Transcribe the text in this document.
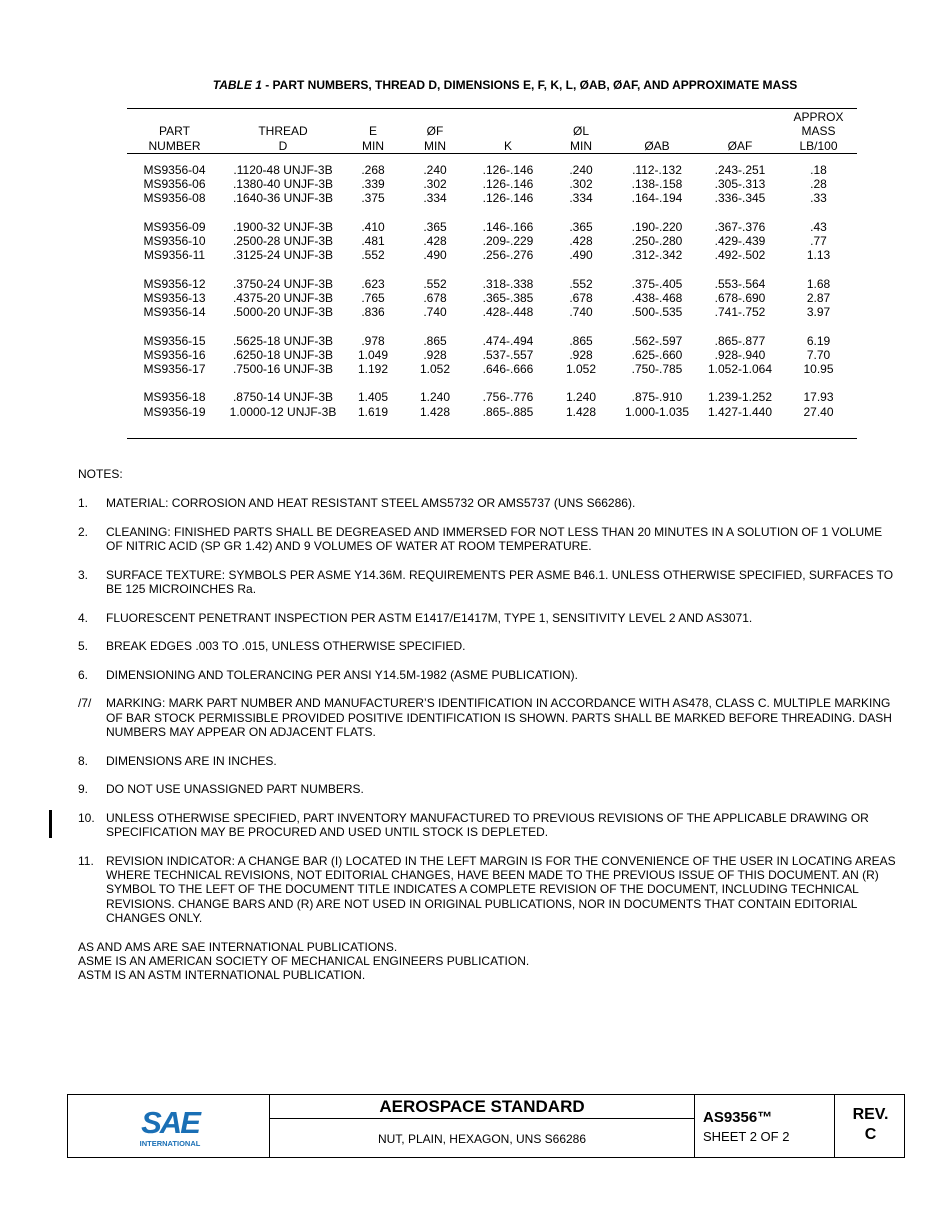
TABLE 1 - PART NUMBERS, THREAD D, DIMENSIONS E, F, K, L, ØAB, ØAF, AND APPROXIMATE MASS
								APPROX
PART	THREAD	E	ØF		ØL			MASS
NUMBER	D	MIN	MIN	K	MIN	ØAB	ØAF	LB/100

MS9356-04	.1120-48 UNJF-3B	.268	.240	.126-.146	.240	.112-.132	.243-.251	.18
MS9356-06	.1380-40 UNJF-3B	.339	.302	.126-.146	.302	.138-.158	.305-.313	.28
MS9356-08	.1640-36 UNJF-3B	.375	.334	.126-.146	.334	.164-.194	.336-.345	.33

MS9356-09	.1900-32 UNJF-3B	.410	.365	.146-.166	.365	.190-.220	.367-.376	.43
MS9356-10	.2500-28 UNJF-3B	.481	.428	.209-.229	.428	.250-.280	.429-.439	.77
MS9356-11	.3125-24 UNJF-3B	.552	.490	.256-.276	.490	.312-.342	.492-.502	1.13

MS9356-12	.3750-24 UNJF-3B	.623	.552	.318-.338	.552	.375-.405	.553-.564	1.68
MS9356-13	.4375-20 UNJF-3B	.765	.678	.365-.385	.678	.438-.468	.678-.690	2.87
MS9356-14	.5000-20 UNJF-3B	.836	.740	.428-.448	.740	.500-.535	.741-.752	3.97

MS9356-15	.5625-18 UNJF-3B	.978	.865	.474-.494	.865	.562-.597	.865-.877	6.19
MS9356-16	.6250-18 UNJF-3B	1.049	.928	.537-.557	.928	.625-.660	.928-.940	7.70
MS9356-17	.7500-16 UNJF-3B	1.192	1.052	.646-.666	1.052	.750-.785	1.052-1.064	10.95

MS9356-18	.8750-14 UNJF-3B	1.405	1.240	.756-.776	1.240	.875-.910	1.239-1.252	17.93
MS9356-19	1.0000-12 UNJF-3B	1.619	1.428	.865-.885	1.428	1.000-1.035	1.427-1.440	27.40

NOTES:
1.	MATERIAL: CORROSION AND HEAT RESISTANT STEEL AMS5732 OR AMS5737 (UNS S66286).
2.	CLEANING: FINISHED PARTS SHALL BE DEGREASED AND IMMERSED FOR NOT LESS THAN 20 MINUTES IN A SOLUTION OF 1 VOLUME OF NITRIC ACID (SP GR 1.42) AND 9 VOLUMES OF WATER AT ROOM TEMPERATURE.
3.	SURFACE TEXTURE: SYMBOLS PER ASME Y14.36M. REQUIREMENTS PER ASME B46.1. UNLESS OTHERWISE SPECIFIED, SURFACES TO BE 125 MICROINCHES Ra.
4.	FLUORESCENT PENETRANT INSPECTION PER ASTM E1417/E1417M, TYPE 1, SENSITIVITY LEVEL 2 AND AS3071.
5.	BREAK EDGES .003 TO .015, UNLESS OTHERWISE SPECIFIED.
6.	DIMENSIONING AND TOLERANCING PER ANSI Y14.5M-1982 (ASME PUBLICATION).
/7/	MARKING: MARK PART NUMBER AND MANUFACTURER’S IDENTIFICATION IN ACCORDANCE WITH AS478, CLASS C. MULTIPLE MARKING OF BAR STOCK PERMISSIBLE PROVIDED POSITIVE IDENTIFICATION IS SHOWN. PARTS SHALL BE MARKED BEFORE THREADING. DASH NUMBERS MAY APPEAR ON ADJACENT FLATS.
8.	DIMENSIONS ARE IN INCHES.
9.	DO NOT USE UNASSIGNED PART NUMBERS.
10. UNLESS OTHERWISE SPECIFIED, PART INVENTORY MANUFACTURED TO PREVIOUS REVISIONS OF THE APPLICABLE DRAWING OR SPECIFICATION MAY BE PROCURED AND USED UNTIL STOCK IS DEPLETED.
11.	REVISION INDICATOR: A CHANGE BAR (I) LOCATED IN THE LEFT MARGIN IS FOR THE CONVENIENCE OF THE USER IN LOCATING AREAS WHERE TECHNICAL REVISIONS, NOT EDITORIAL CHANGES, HAVE BEEN MADE TO THE PREVIOUS ISSUE OF THIS DOCUMENT. AN (R) SYMBOL TO THE LEFT OF THE DOCUMENT TITLE INDICATES A COMPLETE REVISION OF THE DOCUMENT, INCLUDING TECHNICAL REVISIONS. CHANGE BARS AND (R) ARE NOT USED IN ORIGINAL PUBLICATIONS, NOR IN DOCUMENTS THAT CONTAIN EDITORIAL CHANGES ONLY.
AS AND AMS ARE SAE INTERNATIONAL PUBLICATIONS.
ASME IS AN AMERICAN SOCIETY OF MECHANICAL ENGINEERS PUBLICATION.
ASTM IS AN ASTM INTERNATIONAL PUBLICATION.
SAE
INTERNATIONAL
AEROSPACE STANDARD
NUT, PLAIN, HEXAGON, UNS S66286
AS9356™
SHEET 2 OF 2
REV.
C
